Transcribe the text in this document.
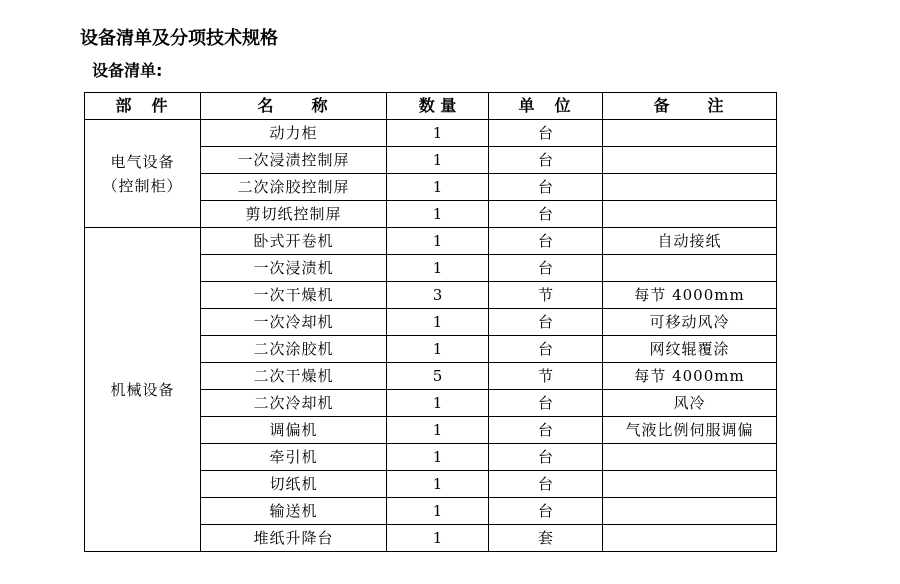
设备清单及分项技术规格
设备清单:
部　件	名　　称	数 量	单　位	备　　注

电气设备
（控制柜）	动力柜	1	台	
	一次浸渍控制屏	1	台	
	二次涂胶控制屏	1	台	
	剪切纸控制屏	1	台	

机械设备	卧式开卷机	1	台	自动接纸
	一次浸渍机	1	台	
	一次干燥机	3	节	每节 4000mm
	一次冷却机	1	台	可移动风冷
	二次涂胶机	1	台	网纹辊覆涂
	二次干燥机	5	节	每节 4000mm
	二次冷却机	1	台	风冷
	调偏机	1	台	气液比例伺服调偏
	牵引机	1	台	
	切纸机	1	台	
	输送机	1	台	
	堆纸升降台	1	套	
